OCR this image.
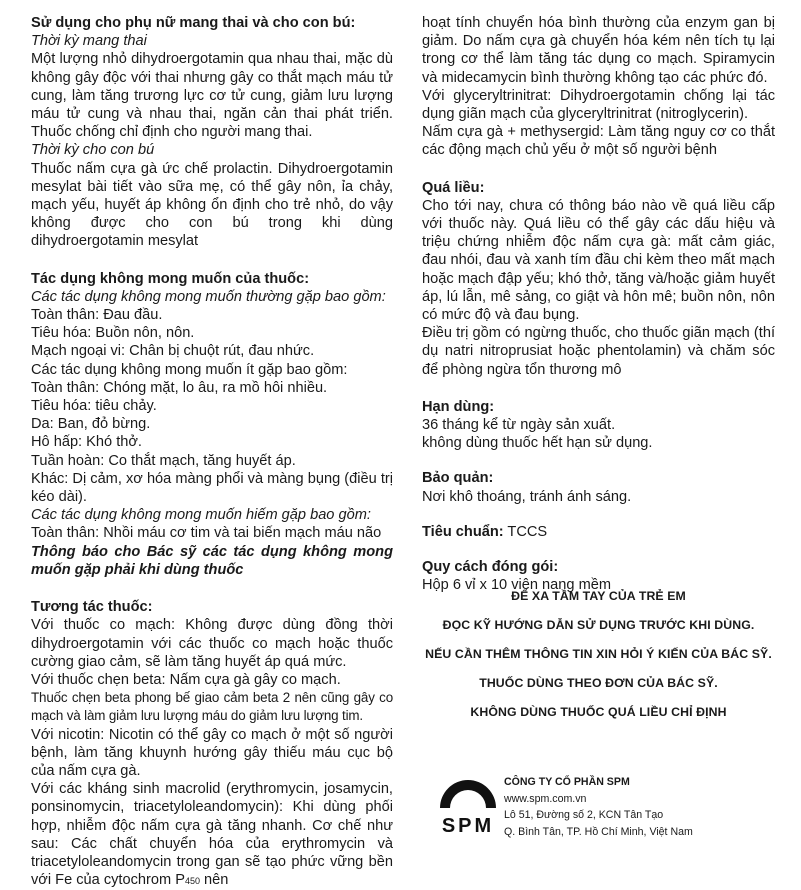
Sử dụng cho phụ nữ mang thai và cho con bú:

Thời kỳ mang thai

Một lượng nhỏ dihydroergotamin qua nhau thai, mặc dù không gây độc với thai nhưng gây co thắt mạch máu tử cung, làm tăng trương lực cơ tử cung, giảm lưu lượng máu tử cung và nhau thai, ngăn cản thai phát triển. Thuốc chống chỉ định cho người mang thai.

Thời kỳ cho con bú

Thuốc nấm cựa gà ức chế prolactin. Dihydroergotamin mesylat bài tiết vào sữa mẹ, có thể gây nôn, ỉa chảy, mạch yếu, huyết áp không ổn định cho trẻ nhỏ, do vậy không được cho con bú trong khi dùng dihydroergotamin mesylat

Tác dụng không mong muốn của thuốc:

Các tác dụng không mong muốn thường gặp bao gồm:

Toàn thân: Đau đầu.

Tiêu hóa: Buồn nôn, nôn.

Mạch ngoại vi: Chân bị chuột rút, đau nhức.

Các tác dụng không mong muốn ít gặp bao gồm:

Toàn thân: Chóng mặt, lo âu, ra mồ hôi nhiều.

Tiêu hóa: tiêu chảy.

Da: Ban, đỏ bừng.

Hô hấp: Khó thở.

Tuần hoàn: Co thắt mạch, tăng huyết áp.

Khác: Dị cảm, xơ hóa màng phổi và màng bụng (điều trị kéo dài).

Các tác dụng không mong muốn hiếm gặp bao gồm:

Toàn thân: Nhồi máu cơ tim và tai biến mạch máu não

Thông báo cho Bác sỹ các tác dụng không mong muốn gặp phải khi dùng thuốc

Tương tác thuốc:

Với thuốc co mạch: Không được dùng đồng thời dihydroergotamin với các thuốc co mạch hoặc thuốc cường giao cảm, sẽ làm tăng huyết áp quá mức.

Với thuốc chẹn beta: Nấm cựa gà gây co mạch.

Thuốc chẹn beta phong bế giao cảm beta 2 nên cũng gây co mạch và làm giảm lưu lượng máu do giảm lưu lượng tim.

Với nicotin: Nicotin có thể gây co mạch ở một số người bệnh, làm tăng khuynh hướng gây thiếu máu cục bộ của nấm cựa gà.

Với các kháng sinh macrolid (erythromycin, josamycin, ponsinomycin, triacetyloleandomycin): Khi dùng phối hợp, nhiễm độc nấm cựa gà tăng nhanh. Cơ chế như sau: Các chất chuyển hóa của erythromycin và triacetyloleandomycin trong gan sẽ tạo phức vững bền với Fe của cytochrom P450 nên

hoạt tính chuyển hóa bình thường của enzym gan bị giảm. Do nấm cựa gà chuyển hóa kém nên tích tụ lại trong cơ thể làm tăng tác dụng co mạch. Spiramycin và midecamycin bình thường không tạo các phức đó.

Với glyceryltrinitrat: Dihydroergotamin chống lại tác dụng giãn mạch của glyceryltrinitrat (nitroglycerin).

Nấm cựa gà + methysergid: Làm tăng nguy cơ co thắt các động mạch chủ yếu ở một số người bệnh

Quá liều:

Cho tới nay, chưa có thông báo nào về quá liều cấp với thuốc này. Quá liều có thể gây các dấu hiệu và triệu chứng nhiễm độc nấm cựa gà: mất cảm giác, đau nhói, đau và xanh tím đầu chi kèm theo mất mạch hoặc mạch đập yếu; khó thở, tăng và/hoặc giảm huyết áp, lú lẫn, mê sảng, co giật và hôn mê; buồn nôn, nôn có mức độ và đau bụng.

Điều trị gồm có ngừng thuốc, cho thuốc giãn mạch (thí dụ natri nitroprusiat hoặc phentolamin) và chăm sóc để phòng ngừa tổn thương mô

Hạn dùng:

36 tháng kể từ ngày sản xuất.

không dùng thuốc hết hạn sử dụng.

Bảo quản:

Nơi khô thoáng, tránh ánh sáng.

Tiêu chuẩn: TCCS

Quy cách đóng gói:

Hộp 6 vỉ x 10 viên nang mềm

ĐỂ XA TẦM TAY CỦA TRẺ EM
ĐỌC KỸ HƯỚNG DẪN SỬ DỤNG TRƯỚC KHI DÙNG.
NẾU CẦN THÊM THÔNG TIN XIN HỎI Ý KIẾN CỦA BÁC SỸ.
THUỐC DÙNG THEO ĐƠN CỦA BÁC SỸ.
KHÔNG DÙNG THUỐC QUÁ LIỀU CHỈ ĐỊNH
SPM
CÔNG TY CỔ PHẦN SPM
www.spm.com.vn
Lô 51, Đường số 2, KCN Tân Tạo
Q. Bình Tân, TP. Hồ Chí Minh, Việt Nam
